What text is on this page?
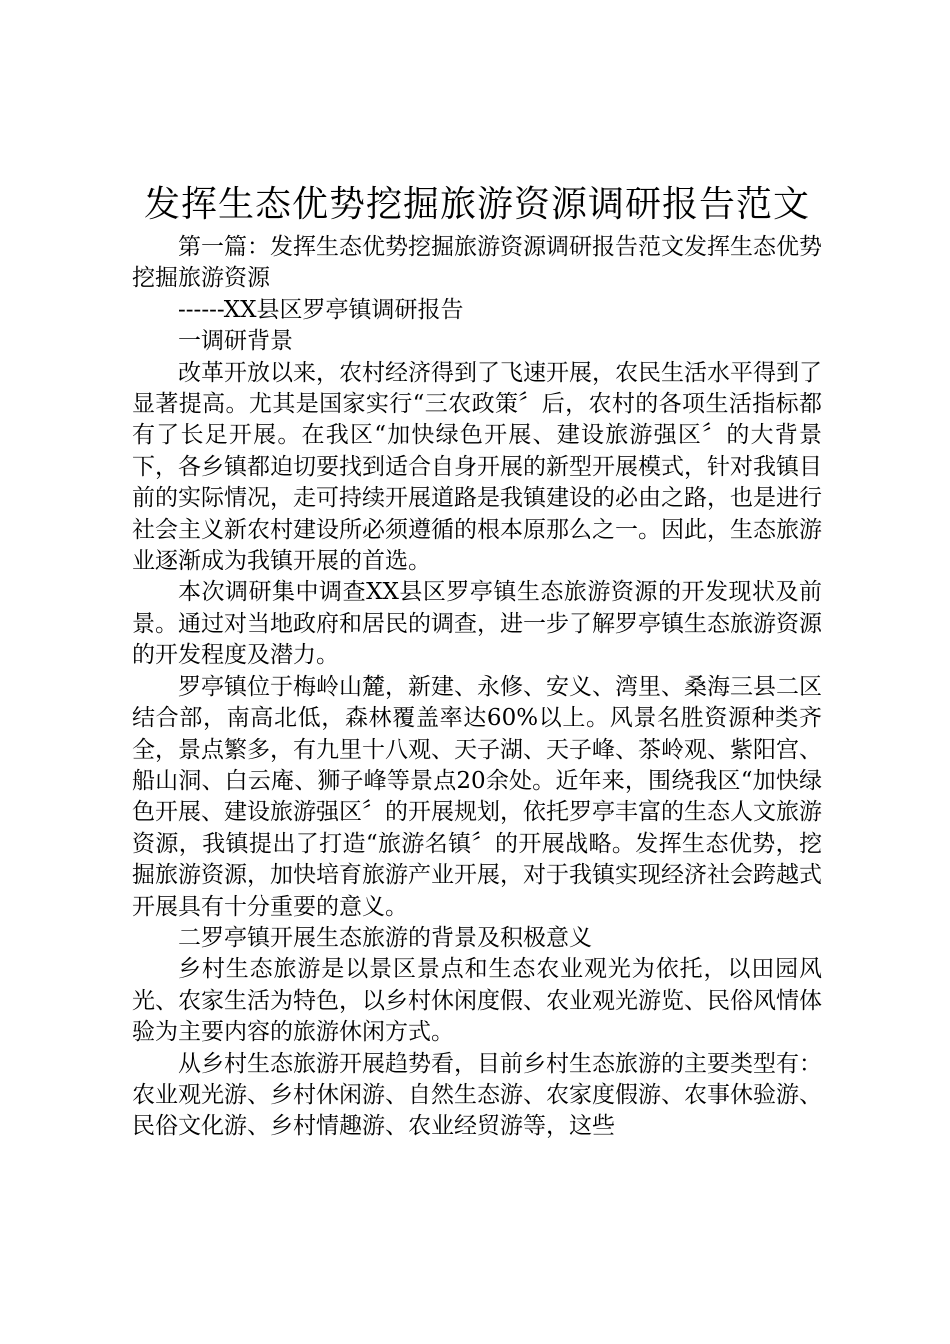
发挥生态优势挖掘旅游资源调研报告范文

第一篇：发挥生态优势挖掘旅游资源调研报告范文发挥生态优势挖掘旅游资源

------XX县区罗亭镇调研报告

一调研背景

改革开放以来，农村经济得到了飞速开展，农民生活水平得到了显著提高。尤其是国家实行“三农政策〞后，农村的各项生活指标都有了长足开展。在我区“加快绿色开展、建设旅游强区〞的大背景下，各乡镇都迫切要找到适合自身开展的新型开展模式，针对我镇目前的实际情况，走可持续开展道路是我镇建设的必由之路，也是进行社会主义新农村建设所必须遵循的根本原那么之一。因此，生态旅游业逐渐成为我镇开展的首选。

本次调研集中调查XX县区罗亭镇生态旅游资源的开发现状及前景。通过对当地政府和居民的调查，进一步了解罗亭镇生态旅游资源的开发程度及潜力。

罗亭镇位于梅岭山麓，新建、永修、安义、湾里、桑海三县二区结合部，南高北低，森林覆盖率达60%以上。风景名胜资源种类齐全，景点繁多，有九里十八观、天子湖、天子峰、茶岭观、紫阳宫、船山洞、白云庵、狮子峰等景点20余处。近年来，围绕我区“加快绿色开展、建设旅游强区〞的开展规划，依托罗亭丰富的生态人文旅游资源，我镇提出了打造“旅游名镇〞的开展战略。发挥生态优势，挖掘旅游资源，加快培育旅游产业开展，对于我镇实现经济社会跨越式开展具有十分重要的意义。

二罗亭镇开展生态旅游的背景及积极意义

乡村生态旅游是以景区景点和生态农业观光为依托，以田园风光、农家生活为特色，以乡村休闲度假、农业观光游览、民俗风情体验为主要内容的旅游休闲方式。

从乡村生态旅游开展趋势看，目前乡村生态旅游的主要类型有：农业观光游、乡村休闲游、自然生态游、农家度假游、农事休验游、民俗文化游、乡村情趣游、农业经贸游等，这些
